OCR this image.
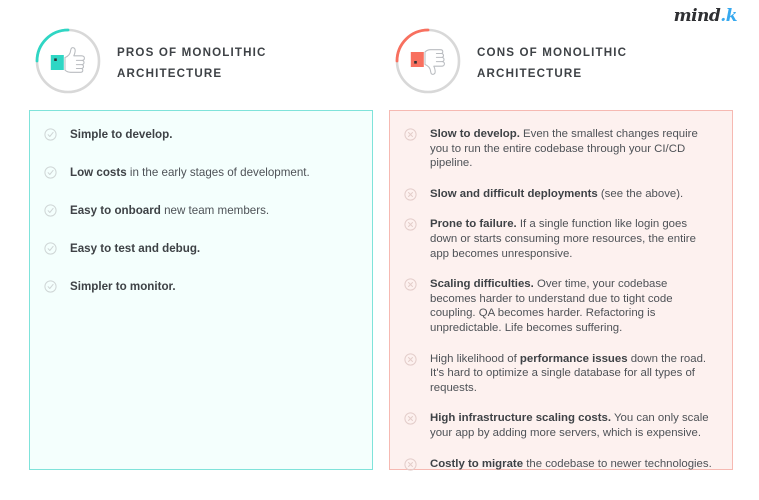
mind.k
PROS OF MONOLITHIC ARCHITECTURE
Simple to develop.
Low costs in the early stages of development.
Easy to onboard new team members.
Easy to test and debug.
Simpler to monitor.
CONS OF MONOLITHIC ARCHITECTURE
Slow to develop. Even the smallest changes require you to run the entire codebase through your CI/CD pipeline.
Slow and difficult deployments (see the above).
Prone to failure. If a single function like login goes down or starts consuming more resources, the entire app becomes unresponsive.
Scaling difficulties. Over time, your codebase becomes harder to understand due to tight code coupling. QA becomes harder. Refactoring is unpredictable. Life becomes suffering.
High likelihood of performance issues down the road. It's hard to optimize a single database for all types of requests.
High infrastructure scaling costs. You can only scale your app by adding more servers, which is expensive.
Costly to migrate the codebase to newer technologies.
